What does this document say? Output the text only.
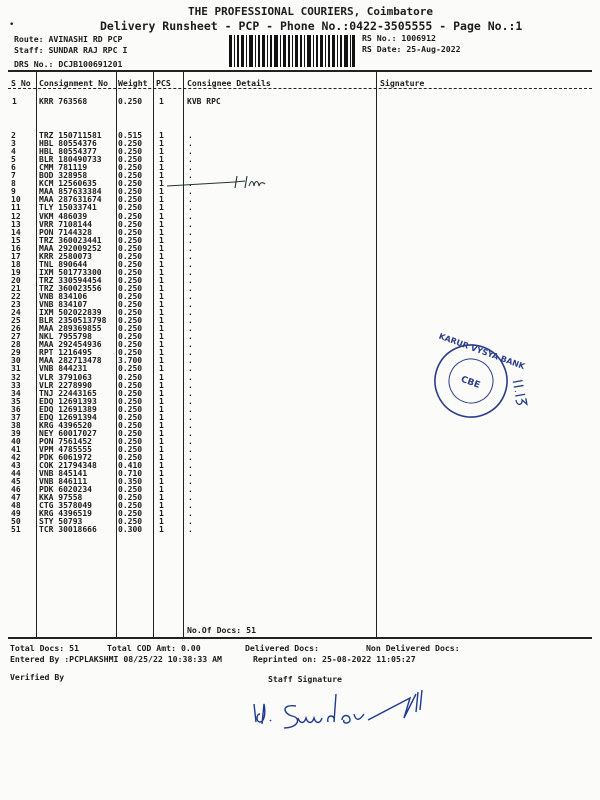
THE PROFESSIONAL COURIERS, Coimbatore
Delivery Runsheet - PCP - Phone No.:0422-3505555 - Page No.:1
•
Route: AVINASHI RD PCP
Staff: SUNDAR RAJ RPC I
DRS No.: DCJB100691201
RS No.: 1006912
RS Date: 25-Aug-2022
S No Consignment No Weight PCS Consignee Details	Signature
1	KRR 763568	0.250 1	KVB RPC
2	TRZ 150711581 0.515 1	.
3	HBL 80554376	0.250 1	.
4	HBL 80554377	0.250 1	.
5	BLR 180490733 0.250 1	.
6	CMM 781119	0.250 1	.
7	BOD 328958	0.250 1	.
8	KCM 12560635	0.250 1	.
9	MAA 857633384 0.250 1	.
10 MAA 287631674 0.250 1	.
11 TLY 15033741	0.250 1	.
12 VKM 486039	0.250 1	.
13 VRR 7108144	0.250 1	.
14 PON 7144328	0.250 1	.
15 TRZ 360023441 0.250 1	.
16 MAA 292009252 0.250 1	.
17 KRR 2580073	0.250 1	.
18 TNL 890644	0.250 1	.
19 IXM 501773300 0.250 1	.
20 TRZ 330594454 0.250 1	.
21 TRZ 360023556 0.250 1	.
22 VNB 834106	0.250 1	.
23 VNB 834107	0.250 1	.
24 IXM 502022839 0.250 1	.
25 BLR 2350513798 0.250 1	.
26 MAA 289369855 0.250 1	.
27 NKL 7955798	0.250 1	.
28 MAA 292454936 0.250 1	.
29 RPT 1216495	0.250 1	.
30 MAA 282713478 3.700 1	.
31 VNB 844231	0.250 1	.
32 VLR 3791063	0.250 1	.
33 VLR 2278990	0.250 1	.
34 TNJ 22443165	0.250 1	.
35 EDQ 12691393	0.250 1	.
36 EDQ 12691389	0.250 1	.
37 EDQ 12691394	0.250 1	.
38 KRG 4396520	0.250 1	.
39 NEY 60017027	0.250 1	.
40 PON 7561452	0.250 1	.
41 VPM 4785555	0.250 1	.
42 PDK 6061972	0.250 1	.
43 COK 21794348	0.410 1	.
44 VNB 845141	0.710 1	.
45 VNB 846111	0.350 1	.
46 PDK 6020234	0.250 1	.
47 KKA 97558	0.250 1	.
48 CTG 3578049	0.250 1	.
49 KRG 4396519	0.250 1	.
50 STY 50793	0.250 1	.
51 TCR 30018666	0.300 1	.
No.Of Docs: 51
Total Docs: 51	Total COD Amt: 0.00	Delivered Docs:	Non Delivered Docs:
Entered By :PCPLAKSHMI 08/25/22 10:38:33 AM	Reprinted on: 25-08-2022 11:05:27
Verified By	Staff Signature
KARUR VYSYA BANK
CBE
